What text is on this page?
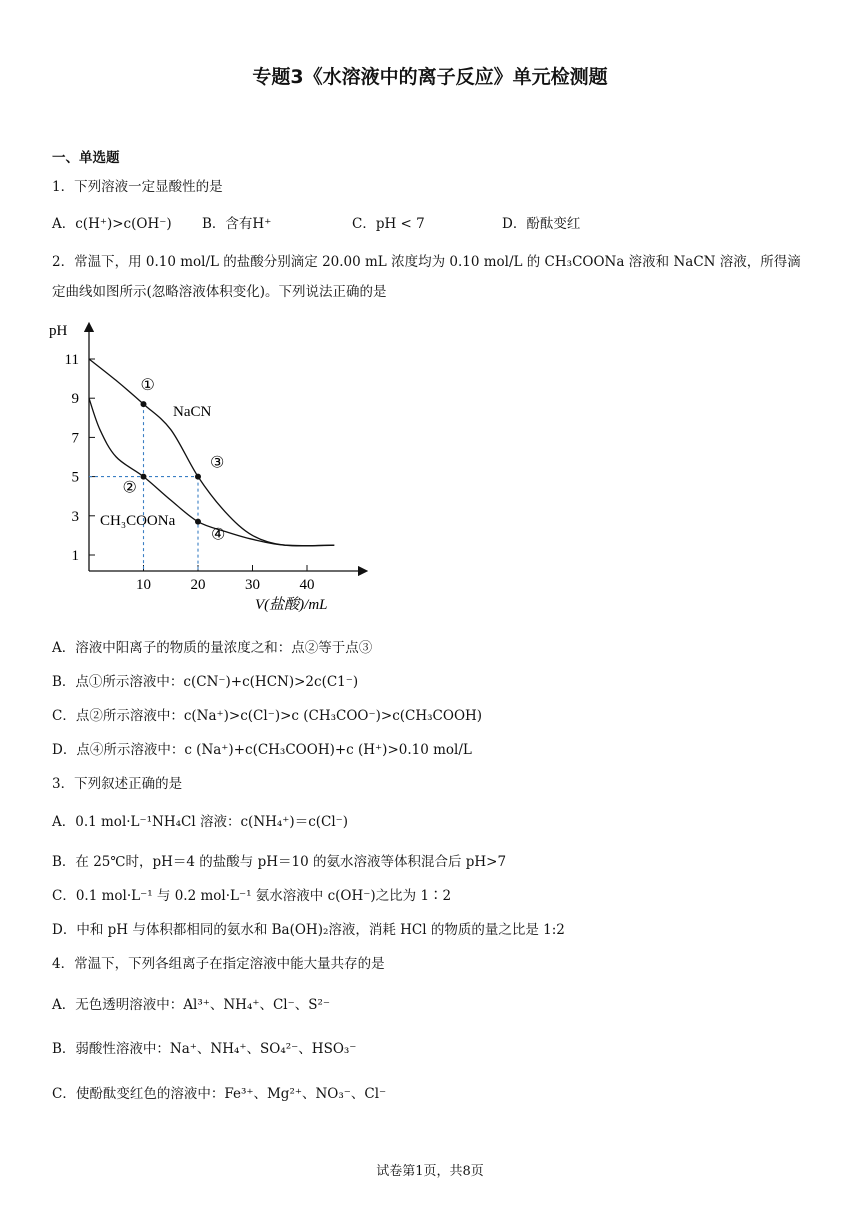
专题3《水溶液中的离子反应》单元检测题
一、单选题
1．下列溶液一定显酸性的是
A．c(H⁺)>c(OH⁻) B．含有H⁺	C．pH < 7	D．酚酞变红
2．常温下，用 0.10 mol/L 的盐酸分别滴定 20.00 mL 浓度均为 0.10 mol/L 的 CH₃COONa 溶液和 NaCN 溶液，所得滴定曲线如图所示(忽略溶液体积变化)。下列说法正确的是
pH
V(盐酸)/mL
11
9
7
5
3
1
10	20	30	40
①
②
③
④
NaCN
CH₃COONa
A．溶液中阳离子的物质的量浓度之和：点②等于点③
B．点①所示溶液中：c(CN⁻)+c(HCN)>2c(C1⁻)
C．点②所示溶液中：c(Na⁺)>c(Cl⁻)>c (CH₃COO⁻)>c(CH₃COOH)
D．点④所示溶液中：c (Na⁺)+c(CH₃COOH)+c (H⁺)>0.10 mol/L
3．下列叙述正确的是
A．0.1 mol·L⁻¹NH₄Cl 溶液：c(NH₄⁺)＝c(Cl⁻)
B．在 25℃时，pH＝4 的盐酸与 pH＝10 的氨水溶液等体积混合后 pH>7
C．0.1 mol·L⁻¹ 与 0.2 mol·L⁻¹ 氨水溶液中 c(OH⁻)之比为 1∶2
D．中和 pH 与体积都相同的氨水和 Ba(OH)₂溶液，消耗 HCl 的物质的量之比是 1:2
4．常温下，下列各组离子在指定溶液中能大量共存的是
A．无色透明溶液中：Al³⁺、NH₄⁺、Cl⁻、S²⁻
B．弱酸性溶液中：Na⁺、NH₄⁺、SO₄²⁻、HSO₃⁻
C．使酚酞变红色的溶液中：Fe³⁺、Mg²⁺、NO₃⁻、Cl⁻
试卷第1页，共8页
